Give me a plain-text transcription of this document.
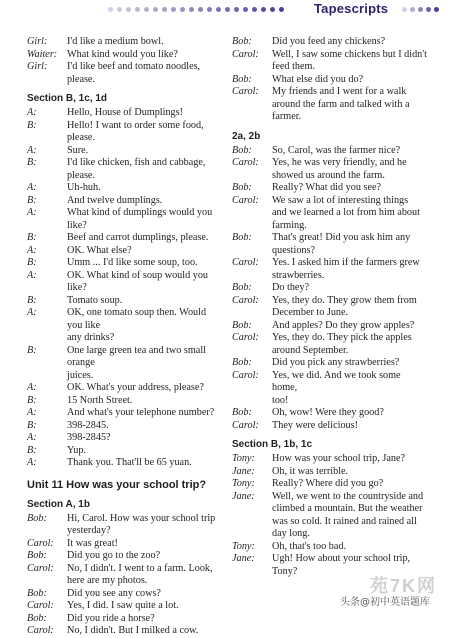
Tapescripts
Girl:	I'd like a medium bowl.
Waiter: What kind would you like?
Girl:	I'd like beef and tomato noodles,
please.
Section B, 1c, 1d
A:	Hello, House of Dumplings!
B:	Hello! I want to order some food, please.
A:	Sure.
B:	I'd like chicken, fish and cabbage, please.
A:	Uh-huh.
B:	And twelve dumplings.
A:	What kind of dumplings would you like?
B:	Beef and carrot dumplings, please.
A:	OK. What else?
B:	Umm ... I'd like some soup, too.
A:	OK. What kind of soup would you like?
B:	Tomato soup.
A:	OK, one tomato soup then. Would you like
any drinks?
B:	One large green tea and two small orange
juices.
A:	OK. What's your address, please?
B:	15 North Street.
A:	And what's your telephone number?
B:	398-2845.
A:	398-2845?
B:	Yup.
A:	Thank you. That'll be 65 yuan.
Unit 11 How was your school trip?
Section A, 1b
Bob:	Hi, Carol. How was your school trip
yesterday?
Carol:	It was great!
Bob:	Did you go to the zoo?
Carol:	No, I didn't. I went to a farm. Look,
here are my photos.
Bob:	Did you see any cows?
Carol:	Yes, I did. I saw quite a lot.
Bob:	Did you ride a horse?
Carol:	No, I didn't. But I milked a cow.
Bob:	Did you feed any chickens?
Carol:	Well, I saw some chickens but I didn't
feed them.
Bob:	What else did you do?
Carol:	My friends and I went for a walk
around the farm and talked with a
farmer.
2a, 2b
Bob:	So, Carol, was the farmer nice?
Carol:	Yes, he was very friendly, and he
showed us around the farm.
Bob:	Really? What did you see?
Carol:	We saw a lot of interesting things
and we learned a lot from him about
farming.
Bob:	That's great! Did you ask him any
questions?
Carol:	Yes. I asked him if the farmers grew
strawberries.
Bob:	Do they?
Carol:	Yes, they do. They grow them from
December to June.
Bob:	And apples? Do they grow apples?
Carol:	Yes, they do. They pick the apples
around September.
Bob:	Did you pick any strawberries?
Carol:	Yes, we did. And we took some home,
too!
Bob:	Oh, wow! Were they good?
Carol:	They were delicious!
Section B, 1b, 1c
Tony:	How was your school trip, Jane?
Jane:	Oh, it was terrible.
Tony:	Really? Where did you go?
Jane:	Well, we went to the countryside and
climbed a mountain. But the weather
was so cold. It rained and rained all
day long.
Tony:	Oh, that's too bad.
Jane:	Ugh! How about your school trip,
Tony?
苑7K网
头条@初中英语题库
